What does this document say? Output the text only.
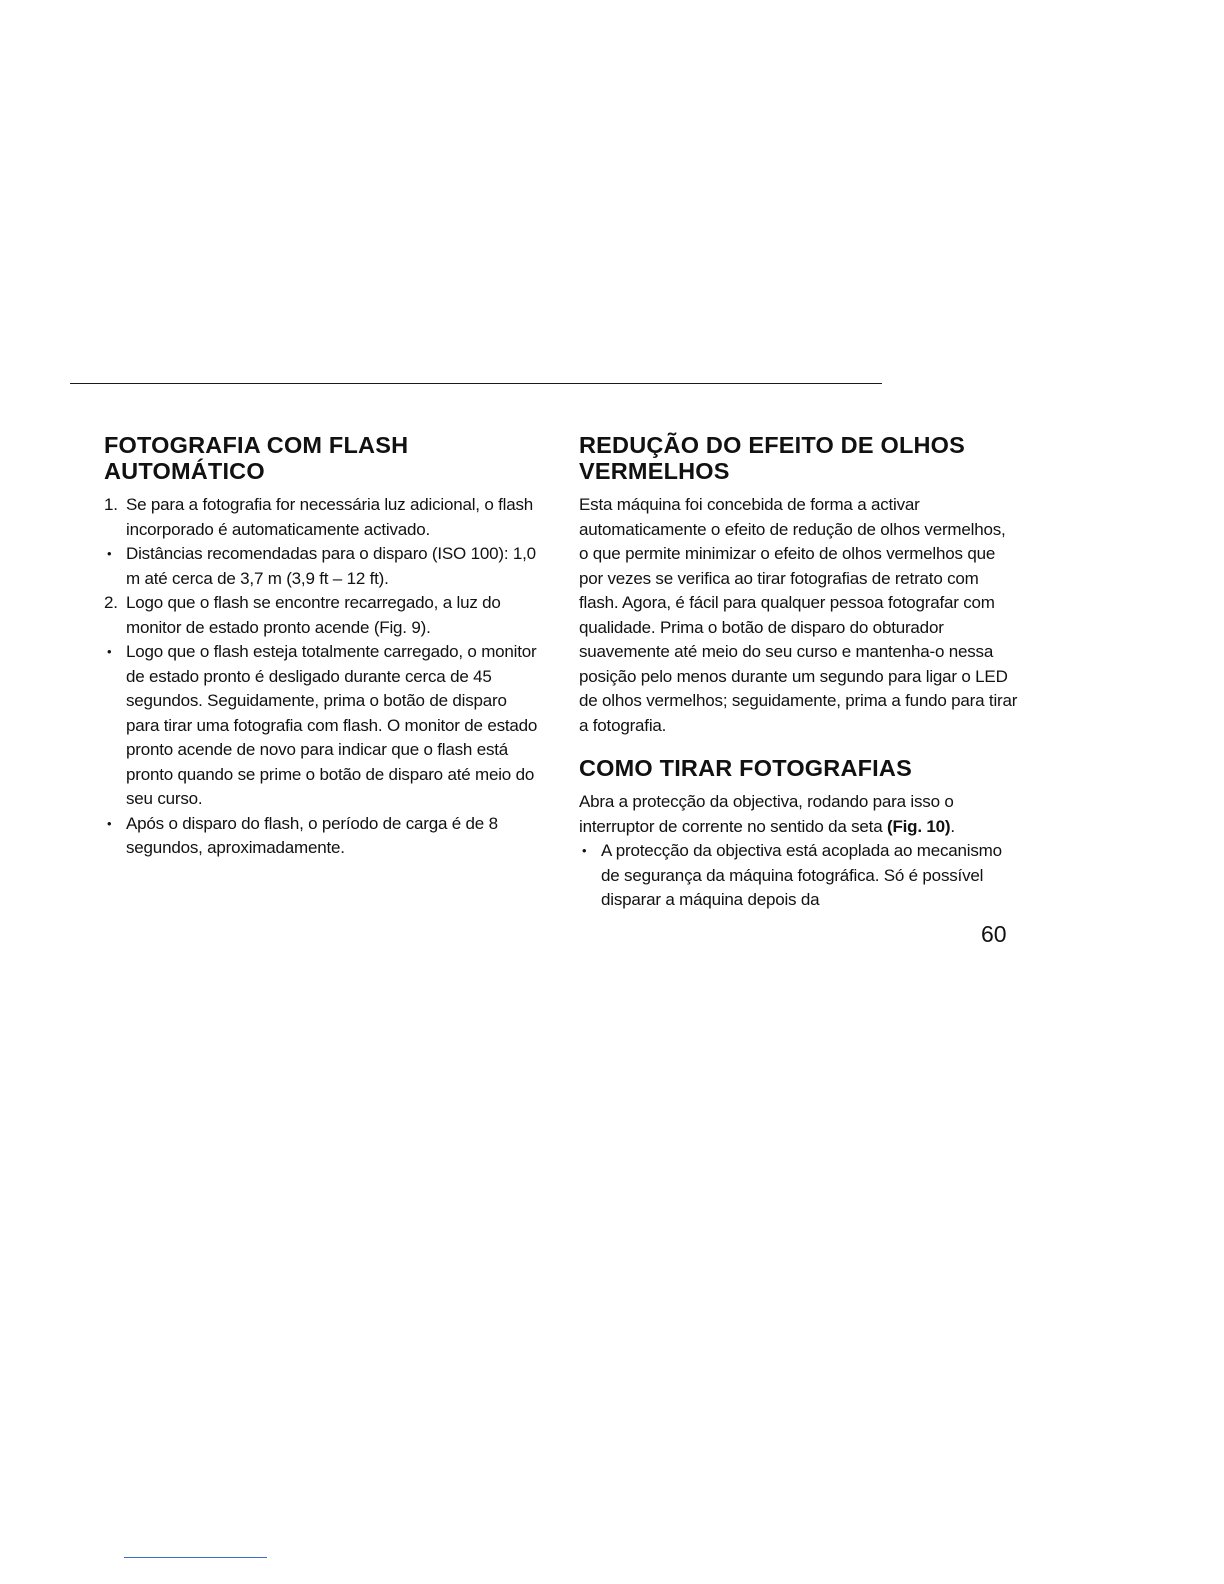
FOTOGRAFIA COM FLASH
AUTOMÁTICO
1. Se para a fotografia for necessária luz adicional, o flash incorporado é automaticamente activado.
• Distâncias recomendadas para o disparo (ISO 100): 1,0 m até cerca de 3,7 m (3,9 ft – 12 ft).
2. Logo que o flash se encontre recarregado, a luz do monitor de estado pronto acende (Fig. 9).
• Logo que o flash esteja totalmente carregado, o monitor de estado pronto é desligado durante cerca de 45 segundos. Seguidamente, prima o botão de disparo para tirar uma fotografia com flash. O monitor de estado pronto acende de novo para indicar que o flash está pronto quando se prime o botão de disparo até meio do seu curso.
• Após o disparo do flash, o período de carga é de 8 segundos, aproximadamente.
REDUÇÃO DO EFEITO DE OLHOS
VERMELHOS

Esta máquina foi concebida de forma a activar automaticamente o efeito de redução de olhos vermelhos, o que permite minimizar o efeito de olhos vermelhos que por vezes se verifica ao tirar fotografias de retrato com flash. Agora, é fácil para qualquer pessoa fotografar com qualidade. Prima o botão de disparo do obturador suavemente até meio do seu curso e mantenha-o nessa posição pelo menos durante um segundo para ligar o LED de olhos vermelhos; seguidamente, prima a fundo para tirar a fotografia.

COMO TIRAR FOTOGRAFIAS

Abra a protecção da objectiva, rodando para isso o interruptor de corrente no sentido da seta (Fig. 10).

• A protecção da objectiva está acoplada ao mecanismo de segurança da máquina fotográfica. Só é possível disparar a máquina depois da
60
